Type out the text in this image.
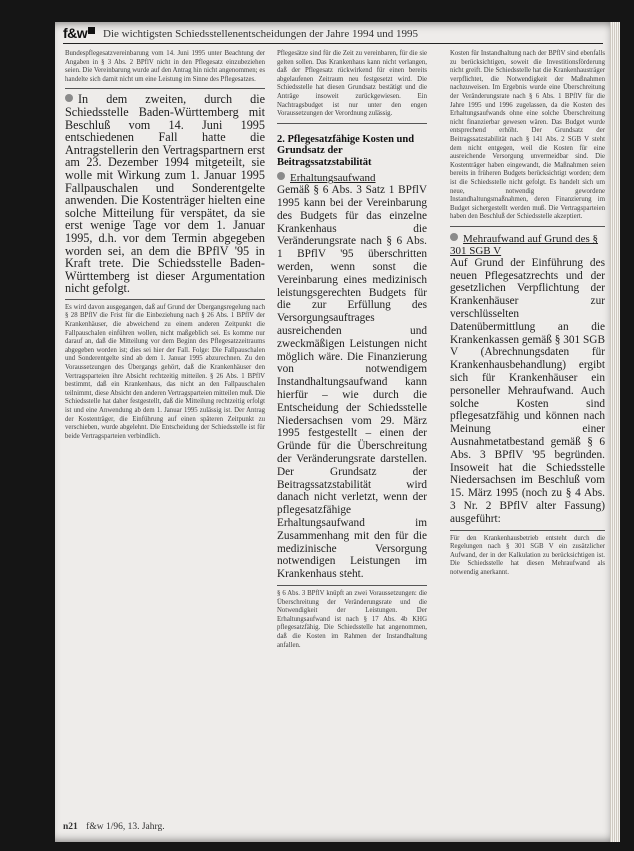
f&w	Die wichtigsten Schiedsstellenentscheidungen der Jahre 1994 und 1995
Bundespflegesatzvereinbarung vom 14. Juni 1995 unter Beachtung der Angaben in § 3 Abs. 2 BPflV nicht in den Pflegesatz einzubeziehen seien. Die Vereinbarung wurde auf den Antrag hin nicht angenommen; es handelte sich damit nicht um eine Leistung im Sinne des Pflegesatzes.
In dem zweiten, durch die Schiedsstelle Baden-Württemberg mit Beschluß vom 14. Juni 1995 entschiedenen Fall hatte die Antragstellerin den Vertragspartnern erst am 23. Dezember 1994 mitgeteilt, sie wolle mit Wirkung zum 1. Januar 1995 Fallpauschalen und Sonderentgelte anwenden. Die Kostenträger hielten eine solche Mitteilung für verspätet, da sie erst wenige Tage vor dem 1. Januar 1995, d.h. vor dem Termin abgegeben worden sei, an dem die BPflV '95 in Kraft trete. Die Schiedsstelle Baden-Württemberg ist dieser Argumentation nicht gefolgt.
Es wird davon ausgegangen, daß auf Grund der Übergangsregelung nach § 28 BPflV die Frist für die Einbeziehung nach § 26 Abs. 1 BPflV der Krankenhäuser, die abweichend zu einem anderen Zeitpunkt die Fallpauschalen einführen wollen, nicht maßgeblich sei. Es komme nur darauf an, daß die Mitteilung vor dem Beginn des Pflegesatzzeitraums abgegeben worden ist; dies sei hier der Fall. Folge: Die Fallpauschalen und Sonderentgelte sind ab dem 1. Januar 1995 abzurechnen. Zu den Voraussetzungen des Übergangs gehört, daß die Krankenhäuser den Vertragsparteien ihre Absicht rechtzeitig mitteilen. § 26 Abs. 1 BPflV bestimmt, daß ein Krankenhaus, das nicht an den Fallpauschalen teilnimmt, diese Absicht den anderen Vertragsparteien mitteilen muß. Die Schiedsstelle hat daher festgestellt, daß die Mitteilung rechtzeitig erfolgt ist und eine Anwendung ab dem 1. Januar 1995 zulässig ist. Der Antrag der Kostenträger, die Einführung auf einen späteren Zeitpunkt zu verschieben, wurde abgelehnt. Die Entscheidung der Schiedsstelle ist für beide Vertragsparteien verbindlich.
Pflegesätze sind für die Zeit zu vereinbaren, für die sie gelten sollen. Das Krankenhaus kann nicht verlangen, daß der Pflegesatz rückwirkend für einen bereits abgelaufenen Zeitraum neu festgesetzt wird. Die Schiedsstelle hat diesen Grundsatz bestätigt und die Anträge insoweit zurückgewiesen. Ein Nachtragsbudget ist nur unter den engen Voraussetzungen der Verordnung zulässig.
2. Pflegesatzfähige Kosten und Grundsatz der Beitragssatzstabilität
Erhaltungsaufwand
Gemäß § 6 Abs. 3 Satz 1 BPflV 1995 kann bei der Vereinbarung des Budgets für das einzelne Krankenhaus die Veränderungsrate nach § 6 Abs. 1 BPflV '95 überschritten werden, wenn sonst die Vereinbarung eines medizinisch leistungsgerechten Budgets für die zur Erfüllung des Versorgungsauftrages ausreichenden und zweckmäßigen Leistungen nicht möglich wäre. Die Finanzierung von notwendigem Instandhaltungsaufwand kann hierfür – wie durch die Entscheidung der Schiedsstelle Niedersachsen vom 29. März 1995 festgestellt – einen der Gründe für die Überschreitung der Veränderungsrate darstellen. Der Grundsatz der Beitragssatzstabilität wird danach nicht verletzt, wenn der pflegesatzfähige Erhaltungsaufwand im Zusammenhang mit den für die medizinische Versorgung notwendigen Leistungen im Krankenhaus steht.
§ 6 Abs. 3 BPflV knüpft an zwei Voraussetzungen: die Überschreitung der Veränderungsrate und die Notwendigkeit der Leistungen. Der Erhaltungsaufwand ist nach § 17 Abs. 4b KHG pflegesatzfähig. Die Schiedsstelle hat angenommen, daß die Kosten im Rahmen der Instandhaltung anfallen.
Kosten für Instandhaltung nach der BPflV sind ebenfalls zu berücksichtigen, soweit die Investitionsförderung nicht greift. Die Schiedsstelle hat die Krankenhausträger verpflichtet, die Notwendigkeit der Maßnahmen nachzuweisen. Im Ergebnis wurde eine Überschreitung der Veränderungsrate nach § 6 Abs. 1 BPflV für die Jahre 1995 und 1996 zugelassen, da die Kosten des Erhaltungsaufwands ohne eine solche Überschreitung nicht finanzierbar gewesen wären. Das Budget wurde entsprechend erhöht. Der Grundsatz der Beitragssatzstabilität nach § 141 Abs. 2 SGB V steht dem nicht entgegen, weil die Kosten für eine ausreichende Versorgung unvermeidbar sind. Die Kostenträger haben eingewandt, die Maßnahmen seien bereits in früheren Budgets berücksichtigt worden; dem ist die Schiedsstelle nicht gefolgt. Es handelt sich um neue, notwendig gewordene Instandhaltungsmaßnahmen, deren Finanzierung im Budget sichergestellt werden muß. Die Vertragsparteien haben den Beschluß der Schiedsstelle akzeptiert.
Mehraufwand auf Grund des § 301 SGB V
Auf Grund der Einführung des neuen Pflegesatzrechts und der gesetzlichen Verpflichtung der Krankenhäuser zur verschlüsselten Datenübermittlung an die Krankenkassen gemäß § 301 SGB V (Abrechnungsdaten für Krankenhausbehandlung) ergibt sich für Krankenhäuser ein personeller Mehraufwand. Auch solche Kosten sind pflegesatzfähig und können nach Meinung einer Ausnahmetatbestand gemäß § 6 Abs. 3 BPflV '95 begründen. Insoweit hat die Schiedsstelle Niedersachsen im Beschluß vom 15. März 1995 (noch zu § 4 Abs. 3 Nr. 2 BPflV alter Fassung) ausgeführt:
Für den Krankenhausbetrieb entsteht durch die Regelungen nach § 301 SGB V ein zusätzlicher Aufwand, der in der Kalkulation zu berücksichtigen ist. Die Schiedsstelle hat diesen Mehraufwand als notwendig anerkannt.
n21 f&w 1/96, 13. Jahrg.
